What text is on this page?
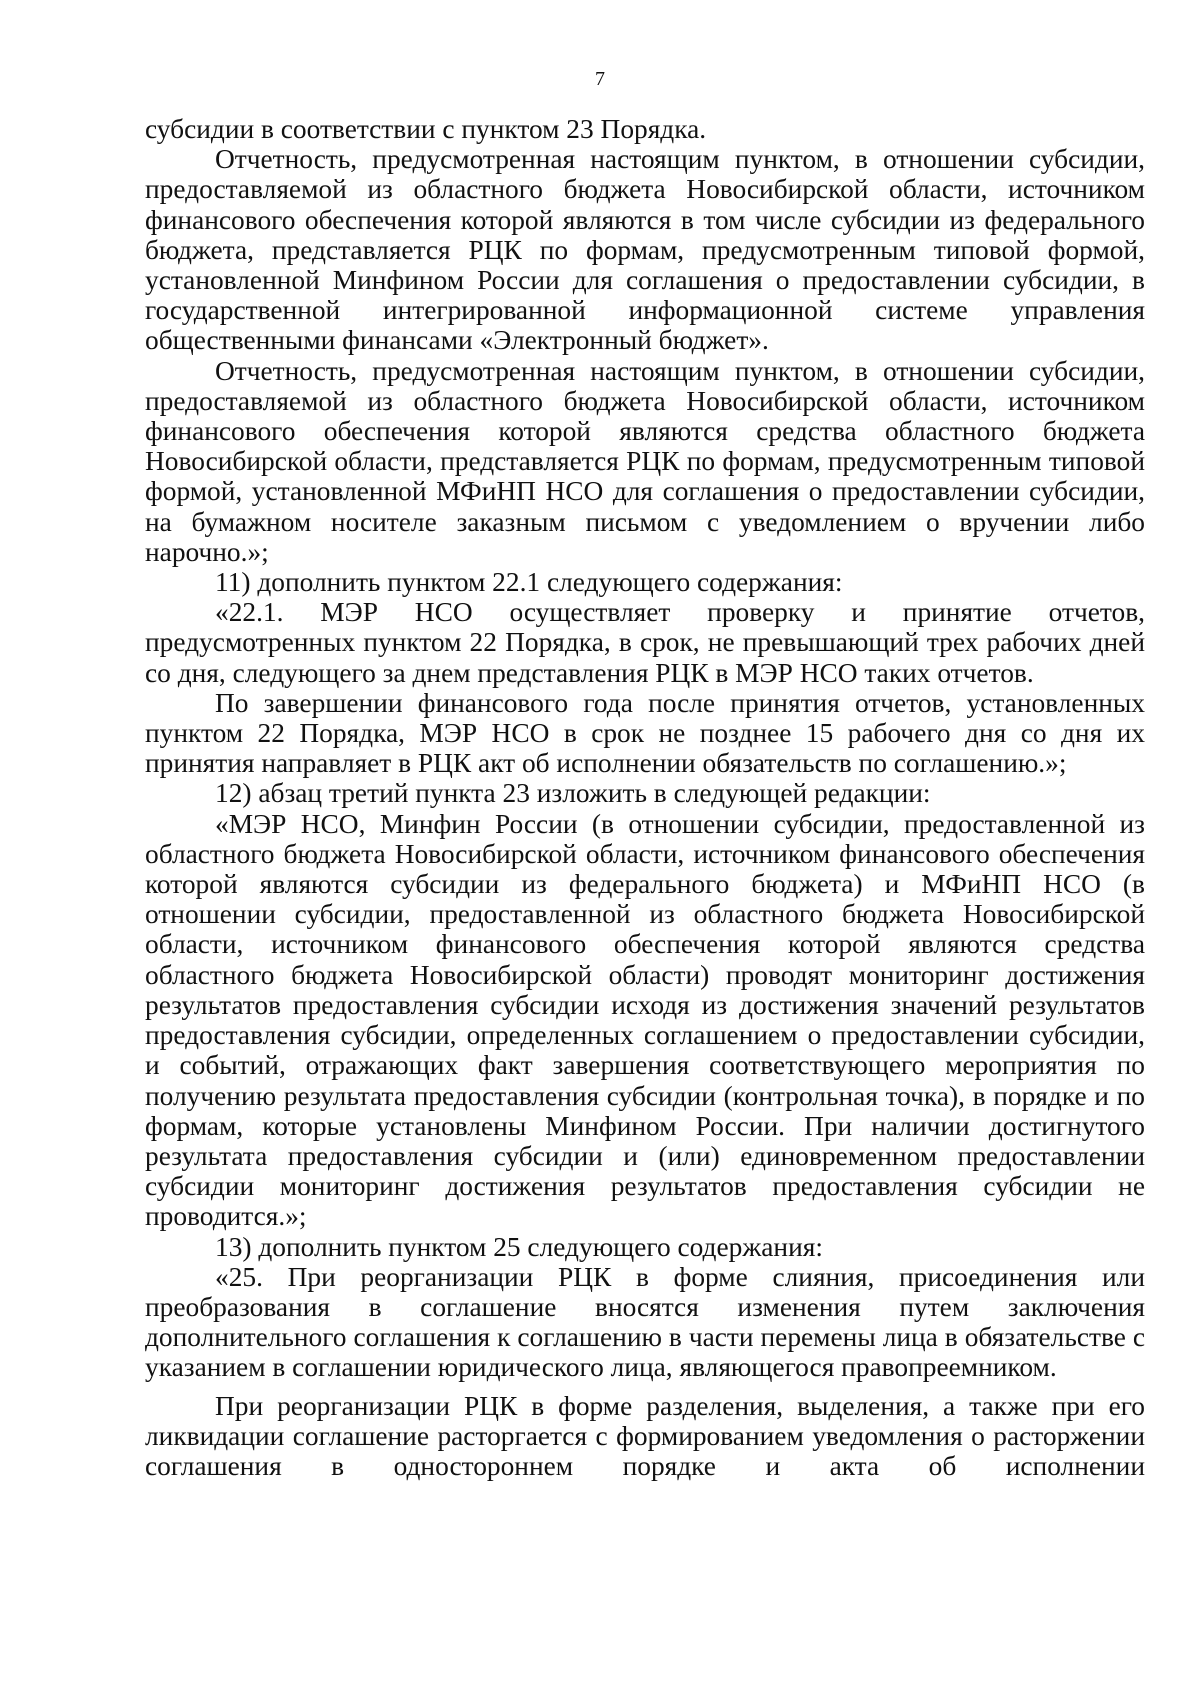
7

субсидии в соответствии с пунктом 23 Порядка.

Отчетность, предусмотренная настоящим пунктом, в отношении субсидии, предоставляемой из областного бюджета Новосибирской области, источником финансового обеспечения которой являются в том числе субсидии из федерального бюджета, представляется РЦК по формам, предусмотренным типовой формой, установленной Минфином России для соглашения о предоставлении субсидии, в государственной интегрированной информационной системе управления общественными финансами «Электронный бюджет».

Отчетность, предусмотренная настоящим пунктом, в отношении субсидии, предоставляемой из областного бюджета Новосибирской области, источником финансового обеспечения которой являются средства областного бюджета Новосибирской области, представляется РЦК по формам, предусмотренным типовой формой, установленной МФиНП НСО для соглашения о предоставлении субсидии, на бумажном носителе заказным письмом с уведомлением о вручении либо нарочно.»;

11) дополнить пунктом 22.1 следующего содержания:

«22.1. МЭР НСО осуществляет проверку и принятие отчетов, предусмотренных пунктом 22 Порядка, в срок, не превышающий трех рабочих дней со дня, следующего за днем представления РЦК в МЭР НСО таких отчетов.

По завершении финансового года после принятия отчетов, установленных пунктом 22 Порядка, МЭР НСО в срок не позднее 15 рабочего дня со дня их принятия направляет в РЦК акт об исполнении обязательств по соглашению.»;

12) абзац третий пункта 23 изложить в следующей редакции:

«МЭР НСО, Минфин России (в отношении субсидии, предоставленной из областного бюджета Новосибирской области, источником финансового обеспечения которой являются субсидии из федерального бюджета) и МФиНП НСО (в отношении субсидии, предоставленной из областного бюджета Новосибирской области, источником финансового обеспечения которой являются средства областного бюджета Новосибирской области) проводят мониторинг достижения результатов предоставления субсидии исходя из достижения значений результатов предоставления субсидии, определенных соглашением о предоставлении субсидии, и событий, отражающих факт завершения соответствующего мероприятия по получению результата предоставления субсидии (контрольная точка), в порядке и по формам, которые установлены Минфином России. При наличии достигнутого результата предоставления субсидии и (или) единовременном предоставлении субсидии мониторинг достижения результатов предоставления субсидии не проводится.»;

13) дополнить пунктом 25 следующего содержания:

«25. При реорганизации РЦК в форме слияния, присоединения или преобразования в соглашение вносятся изменения путем заключения дополнительного соглашения к соглашению в части перемены лица в обязательстве с указанием в соглашении юридического лица, являющегося правопреемником.

При реорганизации РЦК в форме разделения, выделения, а также при его ликвидации соглашение расторгается с формированием уведомления о расторжении соглашения в одностороннем порядке и акта об исполнении
